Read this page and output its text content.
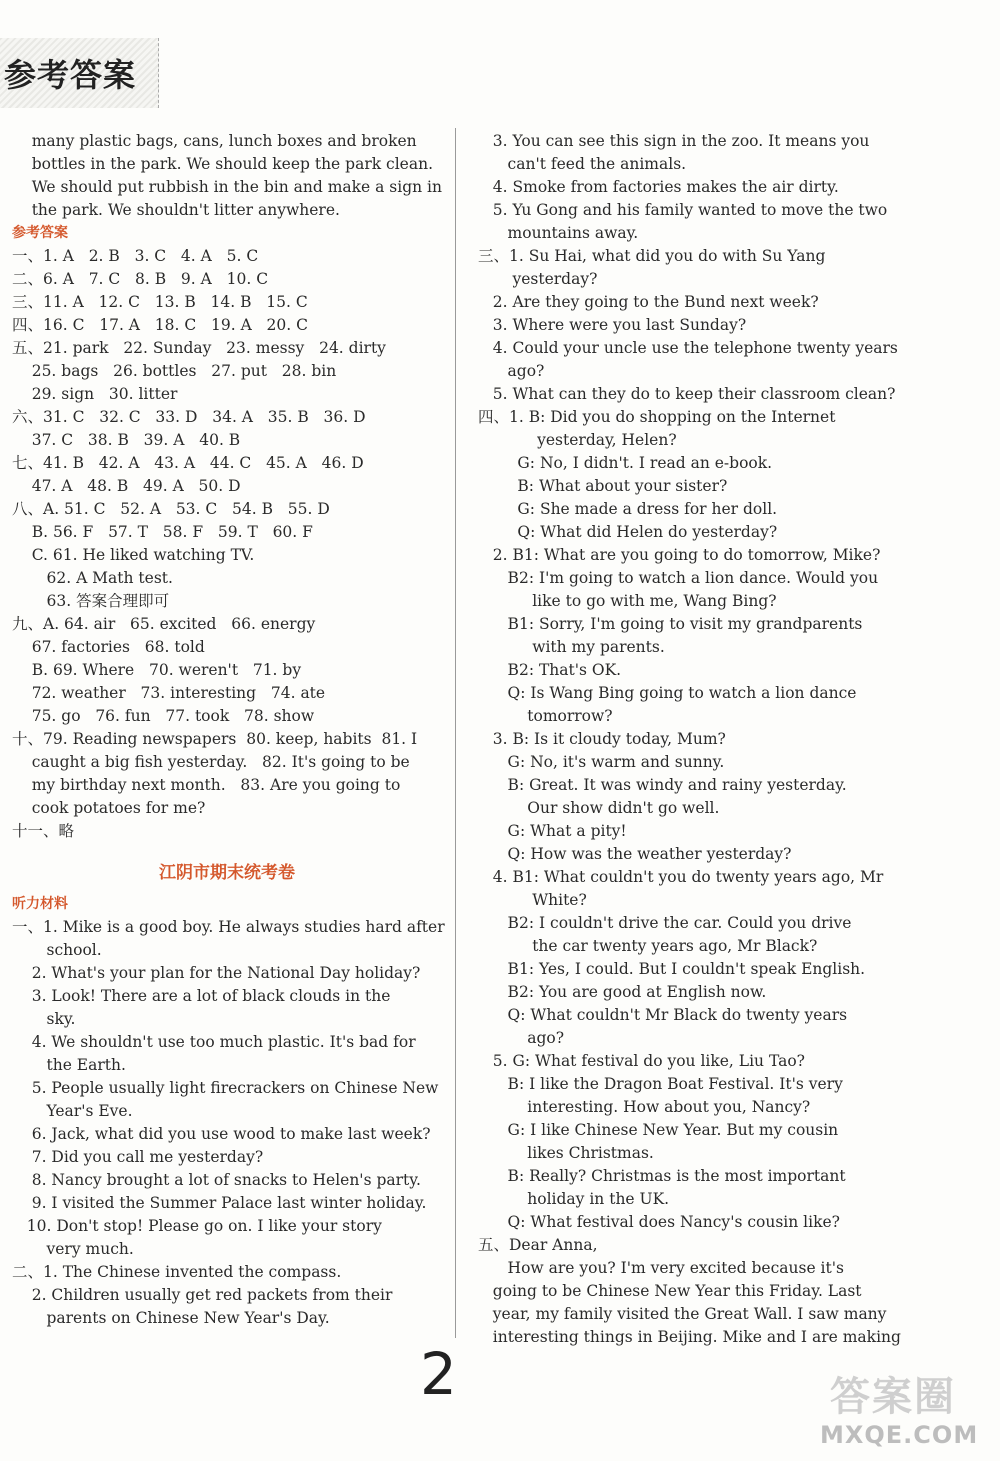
参考答案
many plastic bags, cans, lunch boxes and broken
bottles in the park. We should keep the park clean.
We should put rubbish in the bin and make a sign in
the park. We shouldn't litter anywhere.
参考答案
一、1. A   2. B   3. C   4. A   5. C
二、6. A   7. C   8. B   9. A   10. C
三、11. A   12. C   13. B   14. B   15. C
四、16. C   17. A   18. C   19. A   20. C
五、21. park   22. Sunday   23. messy   24. dirty
25. bags   26. bottles   27. put   28. bin
29. sign   30. litter
六、31. C   32. C   33. D   34. A   35. B   36. D
37. C   38. B   39. A   40. B
七、41. B   42. A   43. A   44. C   45. A   46. D
47. A   48. B   49. A   50. D
八、A. 51. C   52. A   53. C   54. B   55. D
B. 56. F   57. T   58. F   59. T   60. F
C. 61. He liked watching TV.
62. A Math test.
63. 答案合理即可
九、A. 64. air   65. excited   66. energy
67. factories   68. told
B. 69. Where   70. weren't   71. by
72. weather   73. interesting   74. ate
75. go   76. fun   77. took   78. show
十、79. Reading newspapers  80. keep, habits  81. I
caught a big fish yesterday.   82. It's going to be
my birthday next month.   83. Are you going to
cook potatoes for me?
十一、略
江阴市期末统考卷
听力材料
一、1. Mike is a good boy. He always studies hard after
school.
2. What's your plan for the National Day holiday?
3. Look! There are a lot of black clouds in the
sky.
4. We shouldn't use too much plastic. It's bad for
the Earth.
5. People usually light firecrackers on Chinese New
Year's Eve.
6. Jack, what did you use wood to make last week?
7. Did you call me yesterday?
8. Nancy brought a lot of snacks to Helen's party.
9. I visited the Summer Palace last winter holiday.
10. Don't stop! Please go on. I like your story
very much.
二、1. The Chinese invented the compass.
2. Children usually get red packets from their
parents on Chinese New Year's Day.
3. You can see this sign in the zoo. It means you
can't feed the animals.
4. Smoke from factories makes the air dirty.
5. Yu Gong and his family wanted to move the two
mountains away.
三、1. Su Hai, what did you do with Su Yang
yesterday?
2. Are they going to the Bund next week?
3. Where were you last Sunday?
4. Could your uncle use the telephone twenty years
ago?
5. What can they do to keep their classroom clean?
四、1. B: Did you do shopping on the Internet
yesterday, Helen?
G: No, I didn't. I read an e-book.
B: What about your sister?
G: She made a dress for her doll.
Q: What did Helen do yesterday?
2. B1: What are you going to do tomorrow, Mike?
B2: I'm going to watch a lion dance. Would you
like to go with me, Wang Bing?
B1: Sorry, I'm going to visit my grandparents
with my parents.
B2: That's OK.
Q: Is Wang Bing going to watch a lion dance
tomorrow?
3. B: Is it cloudy today, Mum?
G: No, it's warm and sunny.
B: Great. It was windy and rainy yesterday.
Our show didn't go well.
G: What a pity!
Q: How was the weather yesterday?
4. B1: What couldn't you do twenty years ago, Mr
White?
B2: I couldn't drive the car. Could you drive
the car twenty years ago, Mr Black?
B1: Yes, I could. But I couldn't speak English.
B2: You are good at English now.
Q: What couldn't Mr Black do twenty years
ago?
5. G: What festival do you like, Liu Tao?
B: I like the Dragon Boat Festival. It's very
interesting. How about you, Nancy?
G: I like Chinese New Year. But my cousin
likes Christmas.
B: Really? Christmas is the most important
holiday in the UK.
Q: What festival does Nancy's cousin like?
五、Dear Anna,
How are you? I'm very excited because it's
going to be Chinese New Year this Friday. Last
year, my family visited the Great Wall. I saw many
interesting things in Beijing. Mike and I are making
2	答案圈
MXQE.COM
